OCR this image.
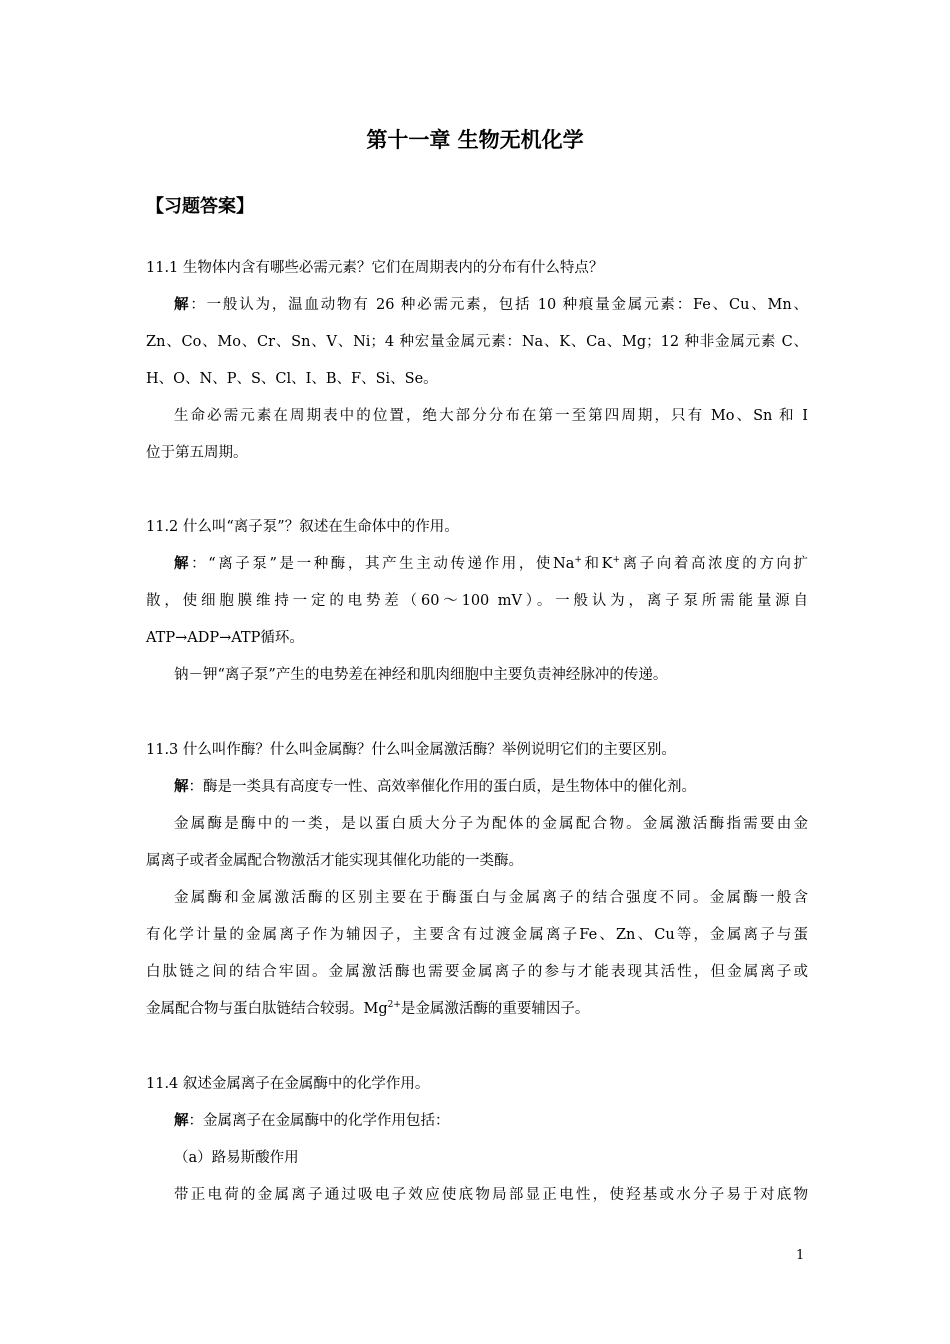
第十一章 生物无机化学
【习题答案】
11.1 生物体内含有哪些必需元素？它们在周期表内的分布有什么特点？
解：一般认为，温血动物有 26 种必需元素，包括 10 种痕量金属元素：Fe、Cu、Mn、
Zn、Co、Mo、Cr、Sn、V、Ni；4 种宏量金属元素：Na、K、Ca、Mg；12 种非金属元素 C、
H、O、N、P、S、Cl、I、B、F、Si、Se。
生命必需元素在周期表中的位置，绝大部分分布在第一至第四周期，只有 Mo、Sn 和 I
位于第五周期。
11.2 什么叫“离子泵”？叙述在生命体中的作用。
解：“离子泵”是一种酶，其产生主动传递作用，使Na+和K+离子向着高浓度的方向扩
散，使细胞膜维持一定的电势差（60～100 mV）。一般认为，离子泵所需能量源自
ATP→ADP→ATP循环。
钠－钾“离子泵”产生的电势差在神经和肌肉细胞中主要负责神经脉冲的传递。
11.3 什么叫作酶？什么叫金属酶？什么叫金属激活酶？举例说明它们的主要区别。
解：酶是一类具有高度专一性、高效率催化作用的蛋白质，是生物体中的催化剂。
金属酶是酶中的一类，是以蛋白质大分子为配体的金属配合物。金属激活酶指需要由金
属离子或者金属配合物激活才能实现其催化功能的一类酶。
金属酶和金属激活酶的区别主要在于酶蛋白与金属离子的结合强度不同。金属酶一般含
有化学计量的金属离子作为辅因子，主要含有过渡金属离子Fe、Zn、Cu等，金属离子与蛋
白肽链之间的结合牢固。金属激活酶也需要金属离子的参与才能表现其活性，但金属离子或
金属配合物与蛋白肽链结合较弱。$Mg^{2+}$是金属激活酶的重要辅因子。
11.4 叙述金属离子在金属酶中的化学作用。
解：金属离子在金属酶中的化学作用包括：
（a）路易斯酸作用
带正电荷的金属离子通过吸电子效应使底物局部显正电性，使羟基或水分子易于对底物
1
